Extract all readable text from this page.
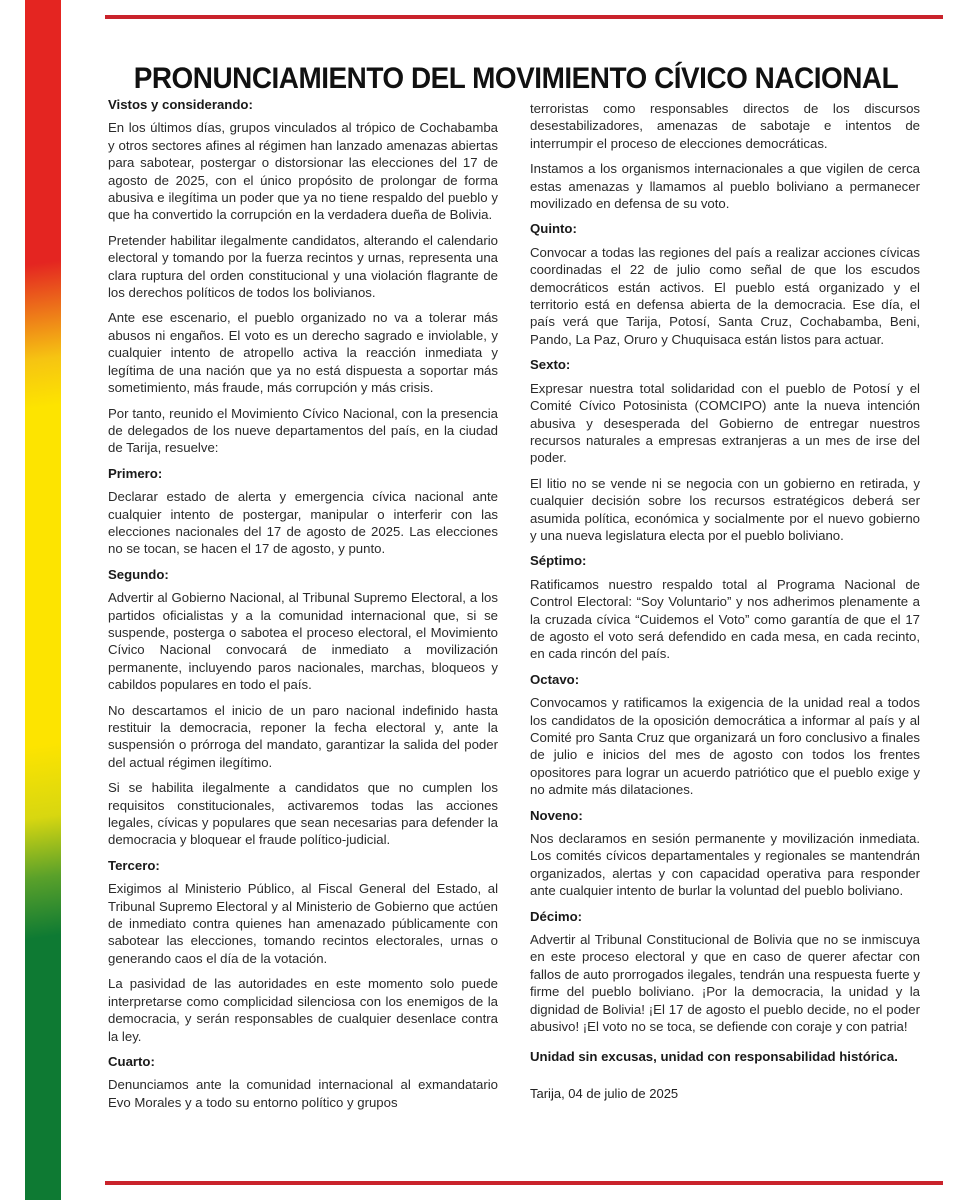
PRONUNCIAMIENTO DEL MOVIMIENTO CÍVICO NACIONAL
Vistos y considerando:

En los últimos días, grupos vinculados al trópico de Cochabamba y otros sectores afines al régimen han lanzado amenazas abiertas para sabotear, postergar o distorsionar las elecciones del 17 de agosto de 2025, con el único propósito de prolongar de forma abusiva e ilegítima un poder que ya no tiene respaldo del pueblo y que ha convertido la corrupción en la verdadera dueña de Bolivia.

Pretender habilitar ilegalmente candidatos, alterando el calendario electoral y tomando por la fuerza recintos y urnas, representa una clara ruptura del orden constitucional y una violación flagrante de los derechos políticos de todos los bolivianos.

Ante ese escenario, el pueblo organizado no va a tolerar más abusos ni engaños. El voto es un derecho sagrado e inviolable, y cualquier intento de atropello activa la reacción inmediata y legítima de una nación que ya no está dispuesta a soportar más sometimiento, más fraude, más corrupción y más crisis.

Por tanto, reunido el Movimiento Cívico Nacional, con la presencia de delegados de los nueve departamentos del país, en la ciudad de Tarija, resuelve:

Primero:

Declarar estado de alerta y emergencia cívica nacional ante cualquier intento de postergar, manipular o interferir con las elecciones nacionales del 17 de agosto de 2025. Las elecciones no se tocan, se hacen el 17 de agosto, y punto.

Segundo:

Advertir al Gobierno Nacional, al Tribunal Supremo Electoral, a los partidos oficialistas y a la comunidad internacional que, si se suspende, posterga o sabotea el proceso electoral, el Movimiento Cívico Nacional convocará de inmediato a movilización permanente, incluyendo paros nacionales, marchas, bloqueos y cabildos populares en todo el país.

No descartamos el inicio de un paro nacional indefinido hasta restituir la democracia, reponer la fecha electoral y, ante la suspensión o prórroga del mandato, garantizar la salida del poder del actual régimen ilegítimo.

Si se habilita ilegalmente a candidatos que no cumplen los requisitos constitucionales, activaremos todas las acciones legales, cívicas y populares que sean necesarias para defender la democracia y bloquear el fraude político-judicial.

Tercero:

Exigimos al Ministerio Público, al Fiscal General del Estado, al Tribunal Supremo Electoral y al Ministerio de Gobierno que actúen de inmediato contra quienes han amenazado públicamente con sabotear las elecciones, tomando recintos electorales, urnas o generando caos el día de la votación.

La pasividad de las autoridades en este momento solo puede interpretarse como complicidad silenciosa con los enemigos de la democracia, y serán responsables de cualquier desenlace contra la ley.

Cuarto:

Denunciamos ante la comunidad internacional al exmandatario Evo Morales y a todo su entorno político y grupos

terroristas como responsables directos de los discursos desestabilizadores, amenazas de sabotaje e intentos de interrumpir el proceso de elecciones democráticas.

Instamos a los organismos internacionales a que vigilen de cerca estas amenazas y llamamos al pueblo boliviano a permanecer movilizado en defensa de su voto.

Quinto:

Convocar a todas las regiones del país a realizar acciones cívicas coordinadas el 22 de julio como señal de que los escudos democráticos están activos. El pueblo está organizado y el territorio está en defensa abierta de la democracia. Ese día, el país verá que Tarija, Potosí, Santa Cruz, Cochabamba, Beni, Pando, La Paz, Oruro y Chuquisaca están listos para actuar.

Sexto:

Expresar nuestra total solidaridad con el pueblo de Potosí y el Comité Cívico Potosinista (COMCIPO) ante la nueva intención abusiva y desesperada del Gobierno de entregar nuestros recursos naturales a empresas extranjeras a un mes de irse del poder.

El litio no se vende ni se negocia con un gobierno en retirada, y cualquier decisión sobre los recursos estratégicos deberá ser asumida política, económica y socialmente por el nuevo gobierno y una nueva legislatura electa por el pueblo boliviano.

Séptimo:

Ratificamos nuestro respaldo total al Programa Nacional de Control Electoral: “Soy Voluntario” y nos adherimos plenamente a la cruzada cívica “Cuidemos el Voto” como garantía de que el 17 de agosto el voto será defendido en cada mesa, en cada recinto, en cada rincón del país.

Octavo:

Convocamos y ratificamos la exigencia de la unidad real a todos los candidatos de la oposición democrática a informar al país y al Comité pro Santa Cruz que organizará un foro conclusivo a finales de julio e inicios del mes de agosto con todos los frentes opositores para lograr un acuerdo patriótico que el pueblo exige y no admite más dilataciones.

Noveno:

Nos declaramos en sesión permanente y movilización inmediata. Los comités cívicos departamentales y regionales se mantendrán organizados, alertas y con capacidad operativa para responder ante cualquier intento de burlar la voluntad del pueblo boliviano.

Décimo:

Advertir al Tribunal Constitucional de Bolivia que no se inmiscuya en este proceso electoral y que en caso de querer afectar con fallos de auto prorrogados ilegales, tendrán una respuesta fuerte y firme del pueblo boliviano. ¡Por la democracia, la unidad y la dignidad de Bolivia! ¡El 17 de agosto el pueblo decide, no el poder abusivo! ¡El voto no se toca, se defiende con coraje y con patria!

Unidad sin excusas, unidad con responsabilidad histórica.

Tarija, 04 de julio de 2025
